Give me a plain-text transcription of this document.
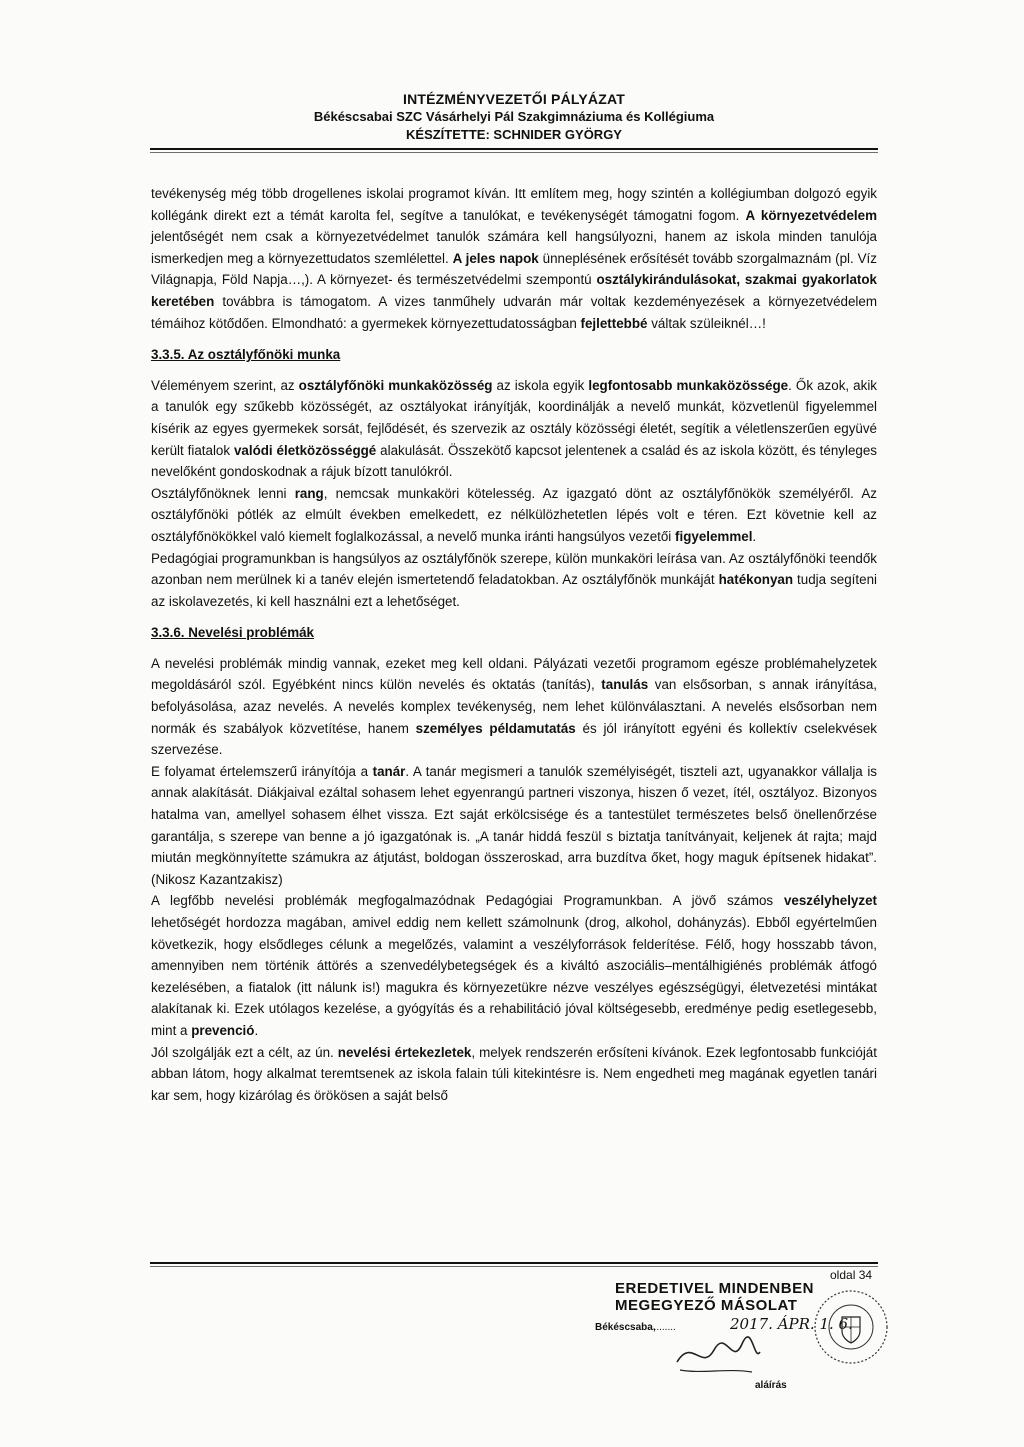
INTÉZMÉNYVEZETŐI PÁLYÁZAT
Békéscsabai SZC Vásárhelyi Pál Szakgimnáziuma és Kollégiuma
KÉSZÍTETTE: SCHNIDER GYÖRGY

tevékenység még több drogellenes iskolai programot kíván. Itt említem meg, hogy szintén a kollégiumban dolgozó egyik kollégánk direkt ezt a témát karolta fel, segítve a tanulókat, e tevékenységét támogatni fogom. A környezetvédelem jelentőségét nem csak a környezetvédelmet tanulók számára kell hangsúlyozni, hanem az iskola minden tanulója ismerkedjen meg a környezettudatos szemlélettel. A jeles napok ünneplésének erősítését tovább szorgalmaznám (pl. Víz Világnapja, Föld Napja…,). A környezet- és természetvédelmi szempontú osztálykirándulásokat, szakmai gyakorlatok keretében továbbra is támogatom. A vizes tanműhely udvarán már voltak kezdeményezések a környezetvédelem témáihoz kötődően. Elmondható: a gyermekek környezettudatosságban fejlettebbé váltak szüleiknél…!

3.3.5. Az osztályfőnöki munka

Véleményem szerint, az osztályfőnöki munkaközösség az iskola egyik legfontosabb munkaközössége. Ők azok, akik a tanulók egy szűkebb közösségét, az osztályokat irányítják, koordinálják a nevelő munkát, közvetlenül figyelemmel kísérik az egyes gyermekek sorsát, fejlődését, és szervezik az osztály közösségi életét, segítik a véletlenszerűen együvé került fiatalok valódi életközösséggé alakulását. Összekötő kapcsot jelentenek a család és az iskola között, és tényleges nevelőként gondoskodnak a rájuk bízott tanulókról.

Osztályfőnöknek lenni rang, nemcsak munkaköri kötelesség. Az igazgató dönt az osztályfőnökök személyéről. Az osztályfőnöki pótlék az elmúlt években emelkedett, ez nélkülözhetetlen lépés volt e téren. Ezt követnie kell az osztályfőnökökkel való kiemelt foglalkozással, a nevelő munka iránti hangsúlyos vezetői figyelemmel.

Pedagógiai programunkban is hangsúlyos az osztályfőnök szerepe, külön munkaköri leírása van. Az osztályfőnöki teendők azonban nem merülnek ki a tanév elején ismertetendő feladatokban. Az osztályfőnök munkáját hatékonyan tudja segíteni az iskolavezetés, ki kell használni ezt a lehetőséget.

3.3.6. Nevelési problémák

A nevelési problémák mindig vannak, ezeket meg kell oldani. Pályázati vezetői programom egésze problémahelyzetek megoldásáról szól. Egyébként nincs külön nevelés és oktatás (tanítás), tanulás van elsősorban, s annak irányítása, befolyásolása, azaz nevelés. A nevelés komplex tevékenység, nem lehet különválasztani. A nevelés elsősorban nem normák és szabályok közvetítése, hanem személyes példamutatás és jól irányított egyéni és kollektív cselekvések szervezése.

E folyamat értelemszerű irányítója a tanár. A tanár megismeri a tanulók személyiségét, tiszteli azt, ugyanakkor vállalja is annak alakítását. Diákjaival ezáltal sohasem lehet egyenrangú partneri viszonya, hiszen ő vezet, ítél, osztályoz. Bizonyos hatalma van, amellyel sohasem élhet vissza. Ezt saját erkölcsisége és a tantestület természetes belső önellenőrzése garantálja, s szerepe van benne a jó igazgatónak is. „A tanár hiddá feszül s biztatja tanítványait, keljenek át rajta; majd miután megkönnyítette számukra az átjutást, boldogan összeroskad, arra buzdítva őket, hogy maguk építsenek hidakat”. (Nikosz Kazantzakisz)

A legfőbb nevelési problémák megfogalmazódnak Pedagógiai Programunkban. A jövő számos veszélyhelyzet lehetőségét hordozza magában, amivel eddig nem kellett számolnunk (drog, alkohol, dohányzás). Ebből egyértelműen következik, hogy elsődleges célunk a megelőzés, valamint a veszélyforrások felderítése. Félő, hogy hosszabb távon, amennyiben nem történik áttörés a szenvedélybetegségek és a kiváltó aszociális–mentálhigiénés problémák átfogó kezelésében, a fiatalok (itt nálunk is!) magukra és környezetükre nézve veszélyes egészségügyi, életvezetési mintákat alakítanak ki. Ezek utólagos kezelése, a gyógyítás és a rehabilitáció jóval költségesebb, eredménye pedig esetlegesebb, mint a prevenció.

Jól szolgálják ezt a célt, az ún. nevelési értekezletek, melyek rendszerén erősíteni kívánok. Ezek legfontosabb funkcióját abban látom, hogy alkalmat teremtsenek az iskola falain túli kitekintésre is. Nem engedheti meg magának egyetlen tanári kar sem, hogy kizárólag és örökösen a saját belső

oldal 34
EREDETIVEL MINDENBEN
MEGEGYEZŐ MÁSOLAT
Békéscsaba,
..........	2017. ÁPR. 1. 6.
aláírás
